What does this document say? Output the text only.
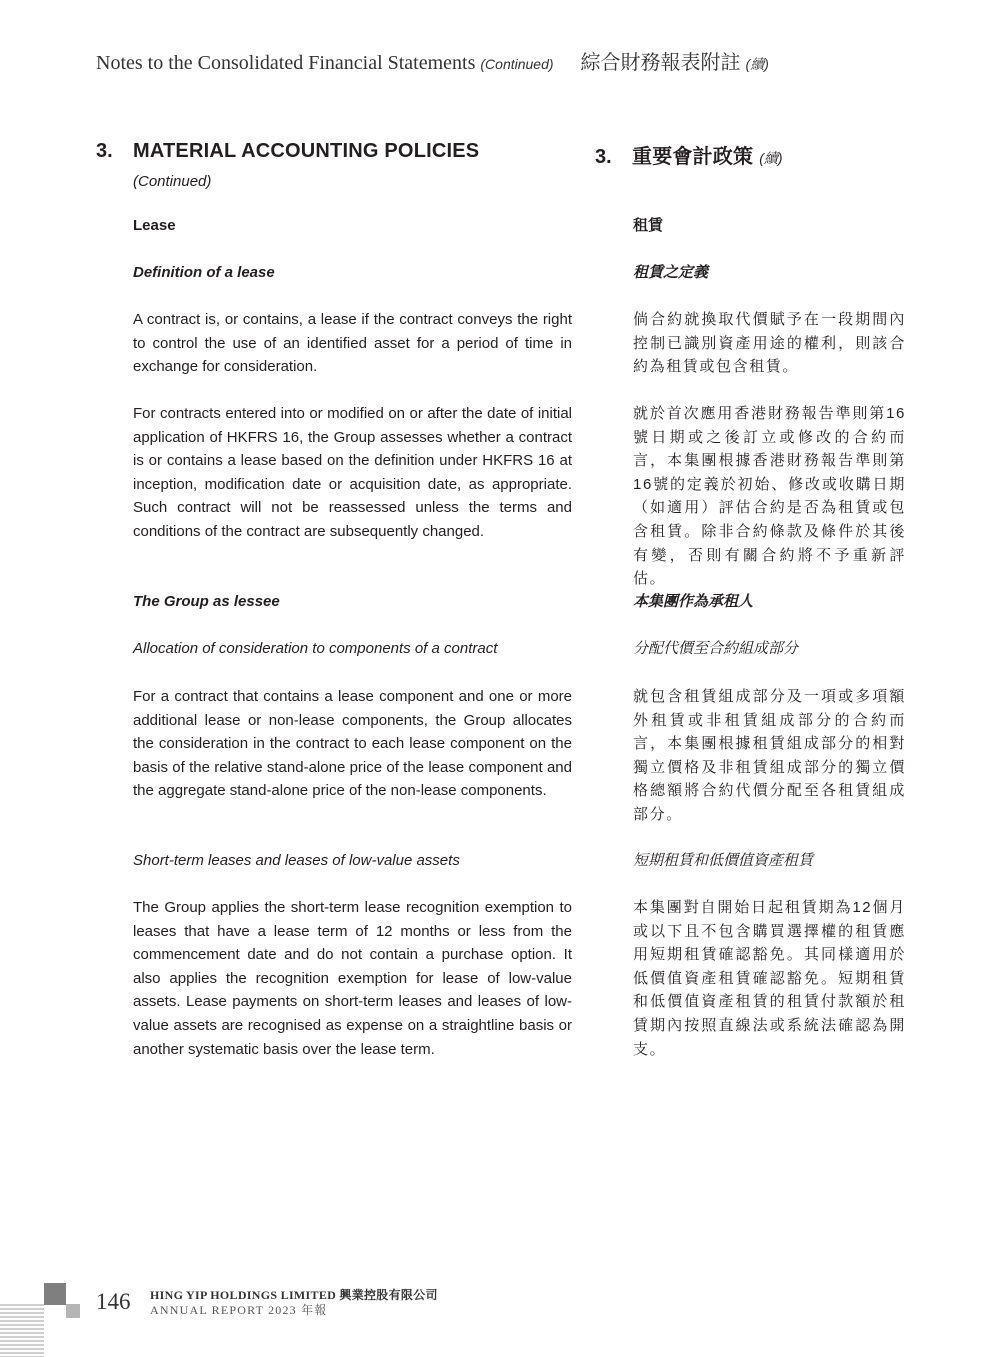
Notes to the Consolidated Financial Statements (Continued) 綜合財務報表附註 (續)
3.	MATERIAL ACCOUNTING POLICIES
(Continued)
Lease
Definition of a lease
A contract is, or contains, a lease if the contract conveys the right to control the use of an identified asset for a period of time in exchange for consideration.
For contracts entered into or modified on or after the date of initial application of HKFRS 16, the Group assesses whether a contract is or contains a lease based on the definition under HKFRS 16 at inception, modification date or acquisition date, as appropriate. Such contract will not be reassessed unless the terms and conditions of the contract are subsequently changed.
The Group as lessee
Allocation of consideration to components of a contract
For a contract that contains a lease component and one or more additional lease or non-lease components, the Group allocates the consideration in the contract to each lease component on the basis of the relative stand-alone price of the lease component and the aggregate stand-alone price of the non-lease components.
Short-term leases and leases of low-value assets
The Group applies the short-term lease recognition exemption to leases that have a lease term of 12 months or less from the commencement date and do not contain a purchase option. It also applies the recognition exemption for lease of low-value assets. Lease payments on short-term leases and leases of low-value assets are recognised as expense on a straightline basis or another systematic basis over the lease term.
3.	重要會計政策 (續)
租賃
租賃之定義
倘合約就換取代價賦予在一段期間內控制已識別資產用途的權利，則該合約為租賃或包含租賃。
就於首次應用香港財務報告準則第16號日期或之後訂立或修改的合約而言，本集團根據香港財務報告準則第16號的定義於初始、修改或收購日期（如適用）評估合約是否為租賃或包含租賃。除非合約條款及條件於其後有變，否則有關合約將不予重新評估。
本集團作為承租人
分配代價至合約組成部分
就包含租賃組成部分及一項或多項額外租賃或非租賃組成部分的合約而言，本集團根據租賃組成部分的相對獨立價格及非租賃組成部分的獨立價格總額將合約代價分配至各租賃組成部分。
短期租賃和低價值資產租賃
本集團對自開始日起租賃期為12個月或以下且不包含購買選擇權的租賃應用短期租賃確認豁免。其同樣適用於低價值資產租賃確認豁免。短期租賃和低價值資產租賃的租賃付款額於租賃期內按照直線法或系統法確認為開支。
146 HING YIP HOLDINGS LIMITED 興業控股有限公司
ANNUAL REPORT 2023 年報
